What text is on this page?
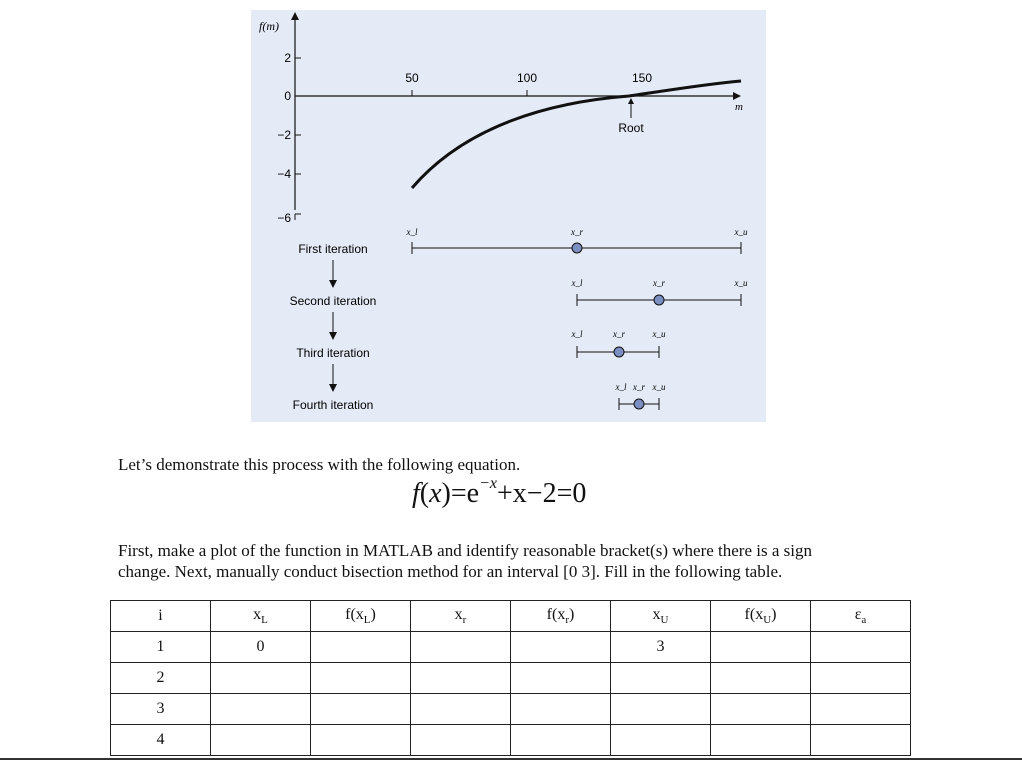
f(m)
2
0
−2
−4
−6
m
50	100	150
Root
First iteration
x_l	x_r	x_u
Second iteration
x_l	x_r	x_u
Third iteration
x_l	x_r	x_u
Fourth iteration
x_l x_r x_u

Let’s demonstrate this process with the following equation.

$f(x)=e^{-x}+x-2=0$

First, make a plot of the function in MATLAB and identify reasonable bracket(s) where there is a sign

change. Next, manually conduct bisection method for an interval [0 3]. Fill in the following table.

i	$x_L$	$f(x_L)$	$x_r$	$f(x_r)$	$x_U$	$f(x_U)$	$\varepsilon_a$
1	0				3		
2							
3							
4							
